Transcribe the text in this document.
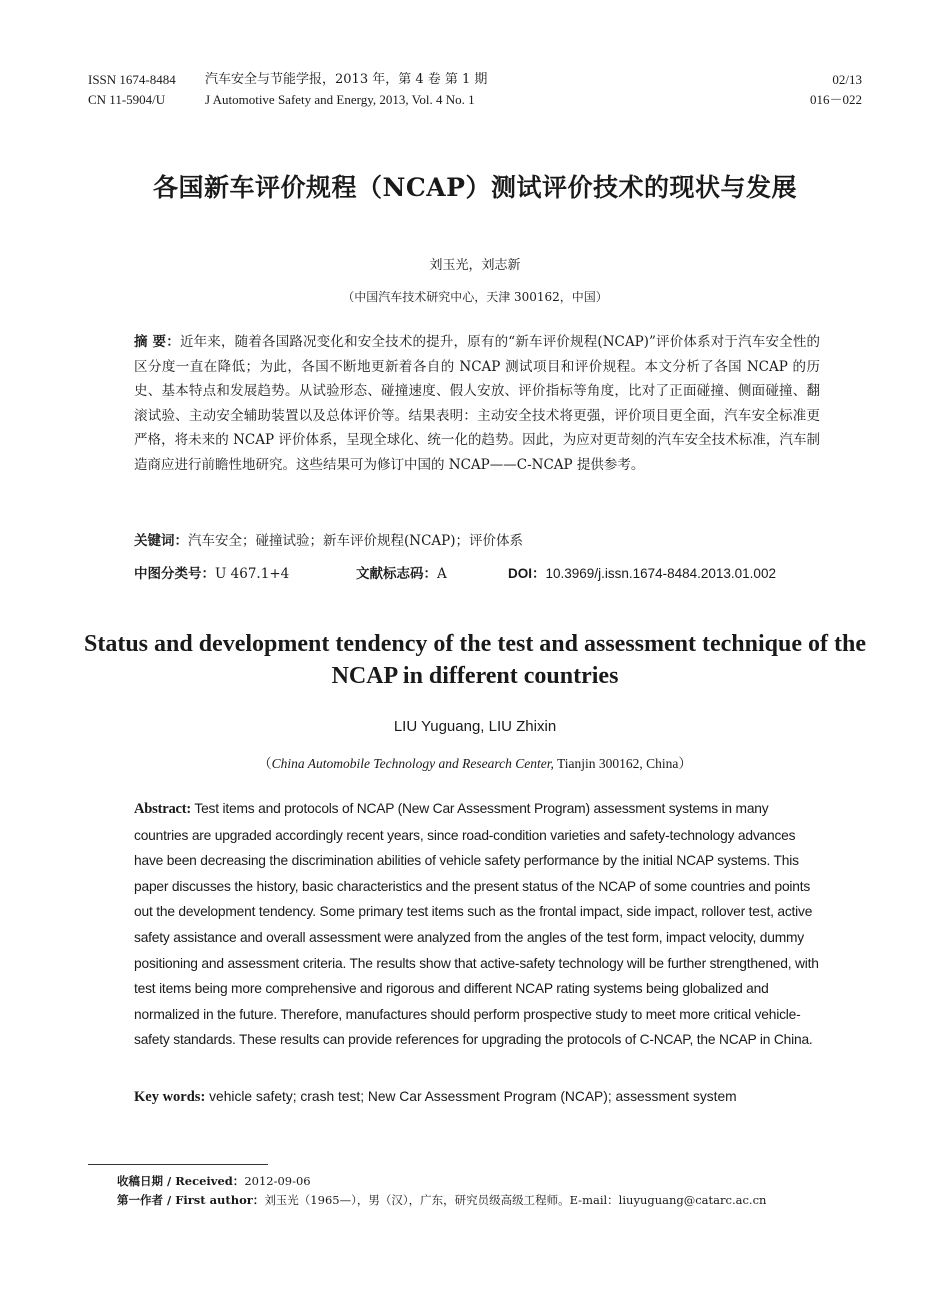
ISSN 1674-8484
CN 11-5904/U
汽车安全与节能学报，2013 年，第 4 卷 第 1 期
J Automotive Safety and Energy, 2013, Vol. 4 No. 1
02/13
016－022
各国新车评价规程（NCAP）测试评价技术的现状与发展
刘玉光，刘志新
（中国汽车技术研究中心，天津 300162，中国）
摘 要：近年来，随着各国路况变化和安全技术的提升，原有的“新车评价规程(NCAP)”评价体系对于汽车安全性的区分度一直在降低；为此，各国不断地更新着各自的 NCAP 测试项目和评价规程。本文分析了各国 NCAP 的历史、基本特点和发展趋势。从试验形态、碰撞速度、假人安放、评价指标等角度，比对了正面碰撞、侧面碰撞、翻滚试验、主动安全辅助装置以及总体评价等。结果表明：主动安全技术将更强，评价项目更全面，汽车安全标准更严格，将未来的 NCAP 评价体系，呈现全球化、统一化的趋势。因此，为应对更苛刻的汽车安全技术标准，汽车制造商应进行前瞻性地研究。这些结果可为修订中国的 NCAP——C-NCAP 提供参考。
关键词：汽车安全；碰撞试验；新车评价规程(NCAP)；评价体系
中图分类号：U 467.1+4	文献标志码：A	DOI：10.3969/j.issn.1674-8484.2013.01.002
Status and development tendency of the test and assessment technique of the NCAP in different countries
LIU Yuguang, LIU Zhixin
（China Automobile Technology and Research Center, Tianjin 300162, China）
Abstract: Test items and protocols of NCAP (New Car Assessment Program) assessment systems in many countries are upgraded accordingly recent years, since road-condition varieties and safety-technology advances have been decreasing the discrimination abilities of vehicle safety performance by the initial NCAP systems. This paper discusses the history, basic characteristics and the present status of the NCAP of some countries and points out the development tendency. Some primary test items such as the frontal impact, side impact, rollover test, active safety assistance and overall assessment were analyzed from the angles of the test form, impact velocity, dummy positioning and assessment criteria. The results show that active-safety technology will be further strengthened, with test items being more comprehensive and rigorous and different NCAP rating systems being globalized and normalized in the future. Therefore, manufactures should perform prospective study to meet more critical vehicle-safety standards. These results can provide references for upgrading the protocols of C-NCAP, the NCAP in China.
Key words: vehicle safety; crash test; New Car Assessment Program (NCAP); assessment system
收稿日期 / Received：2012-09-06
第一作者 / First author：刘玉光（1965—），男（汉），广东，研究员级高级工程师。E-mail：liuyuguang@catarc.ac.cn
